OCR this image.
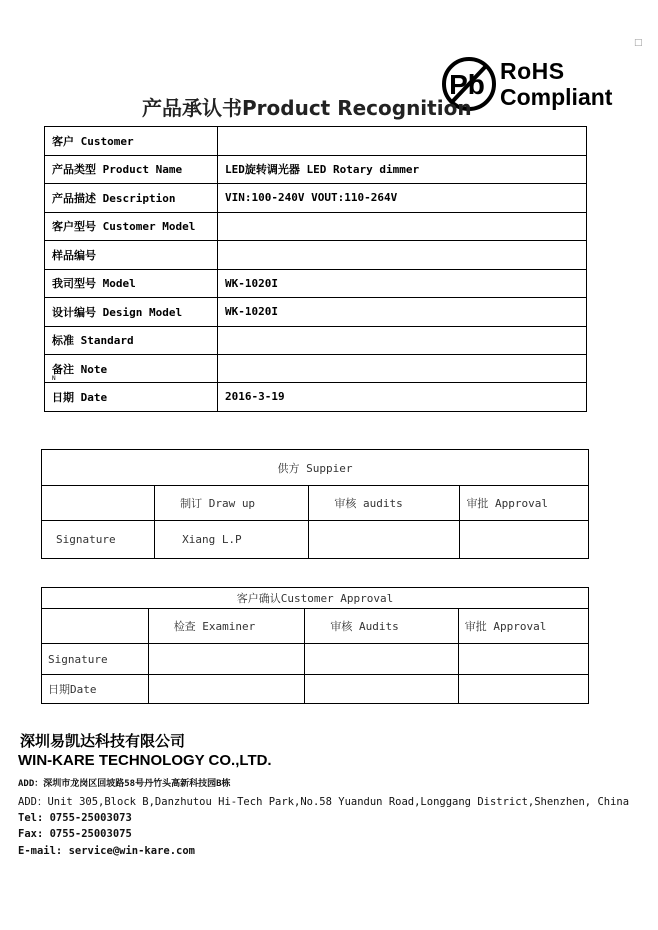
□
Pb RoHS
Compliant
产品承认书Product Recognition
客户 Customer	
产品类型 Product Name	LED旋转调光器 LED Rotary dimmer
产品描述 Description	VIN:100-240V VOUT:110-264V
客户型号 Customer Model	
样品编号	
我司型号 Model	WK-1020I
设计编号 Design Model	WK-1020I
标准 Standard	
备注 Note
N	

日期 Date	2016-3-19
供方 Suppier			
	制订 Draw up	审核 audits	审批 Approval
Signature	Xiang L.P		
客户确认Customer Approval			
	检查 Examiner	审核 Audits	审批 Approval
Signature			
日期Date			
深圳易凯达科技有限公司
WIN-KARE TECHNOLOGY CO.,LTD.
ADD：深圳市龙岗区回坡路58号丹竹头高新科技园B栋
ADD：Unit 305,Block B,Danzhutou Hi-Tech Park,No.58 Yuandun Road,Longgang District,Shenzhen, China
Tel: 0755-25003073
Fax: 0755-25003075
E-mail: service@win-kare.com
